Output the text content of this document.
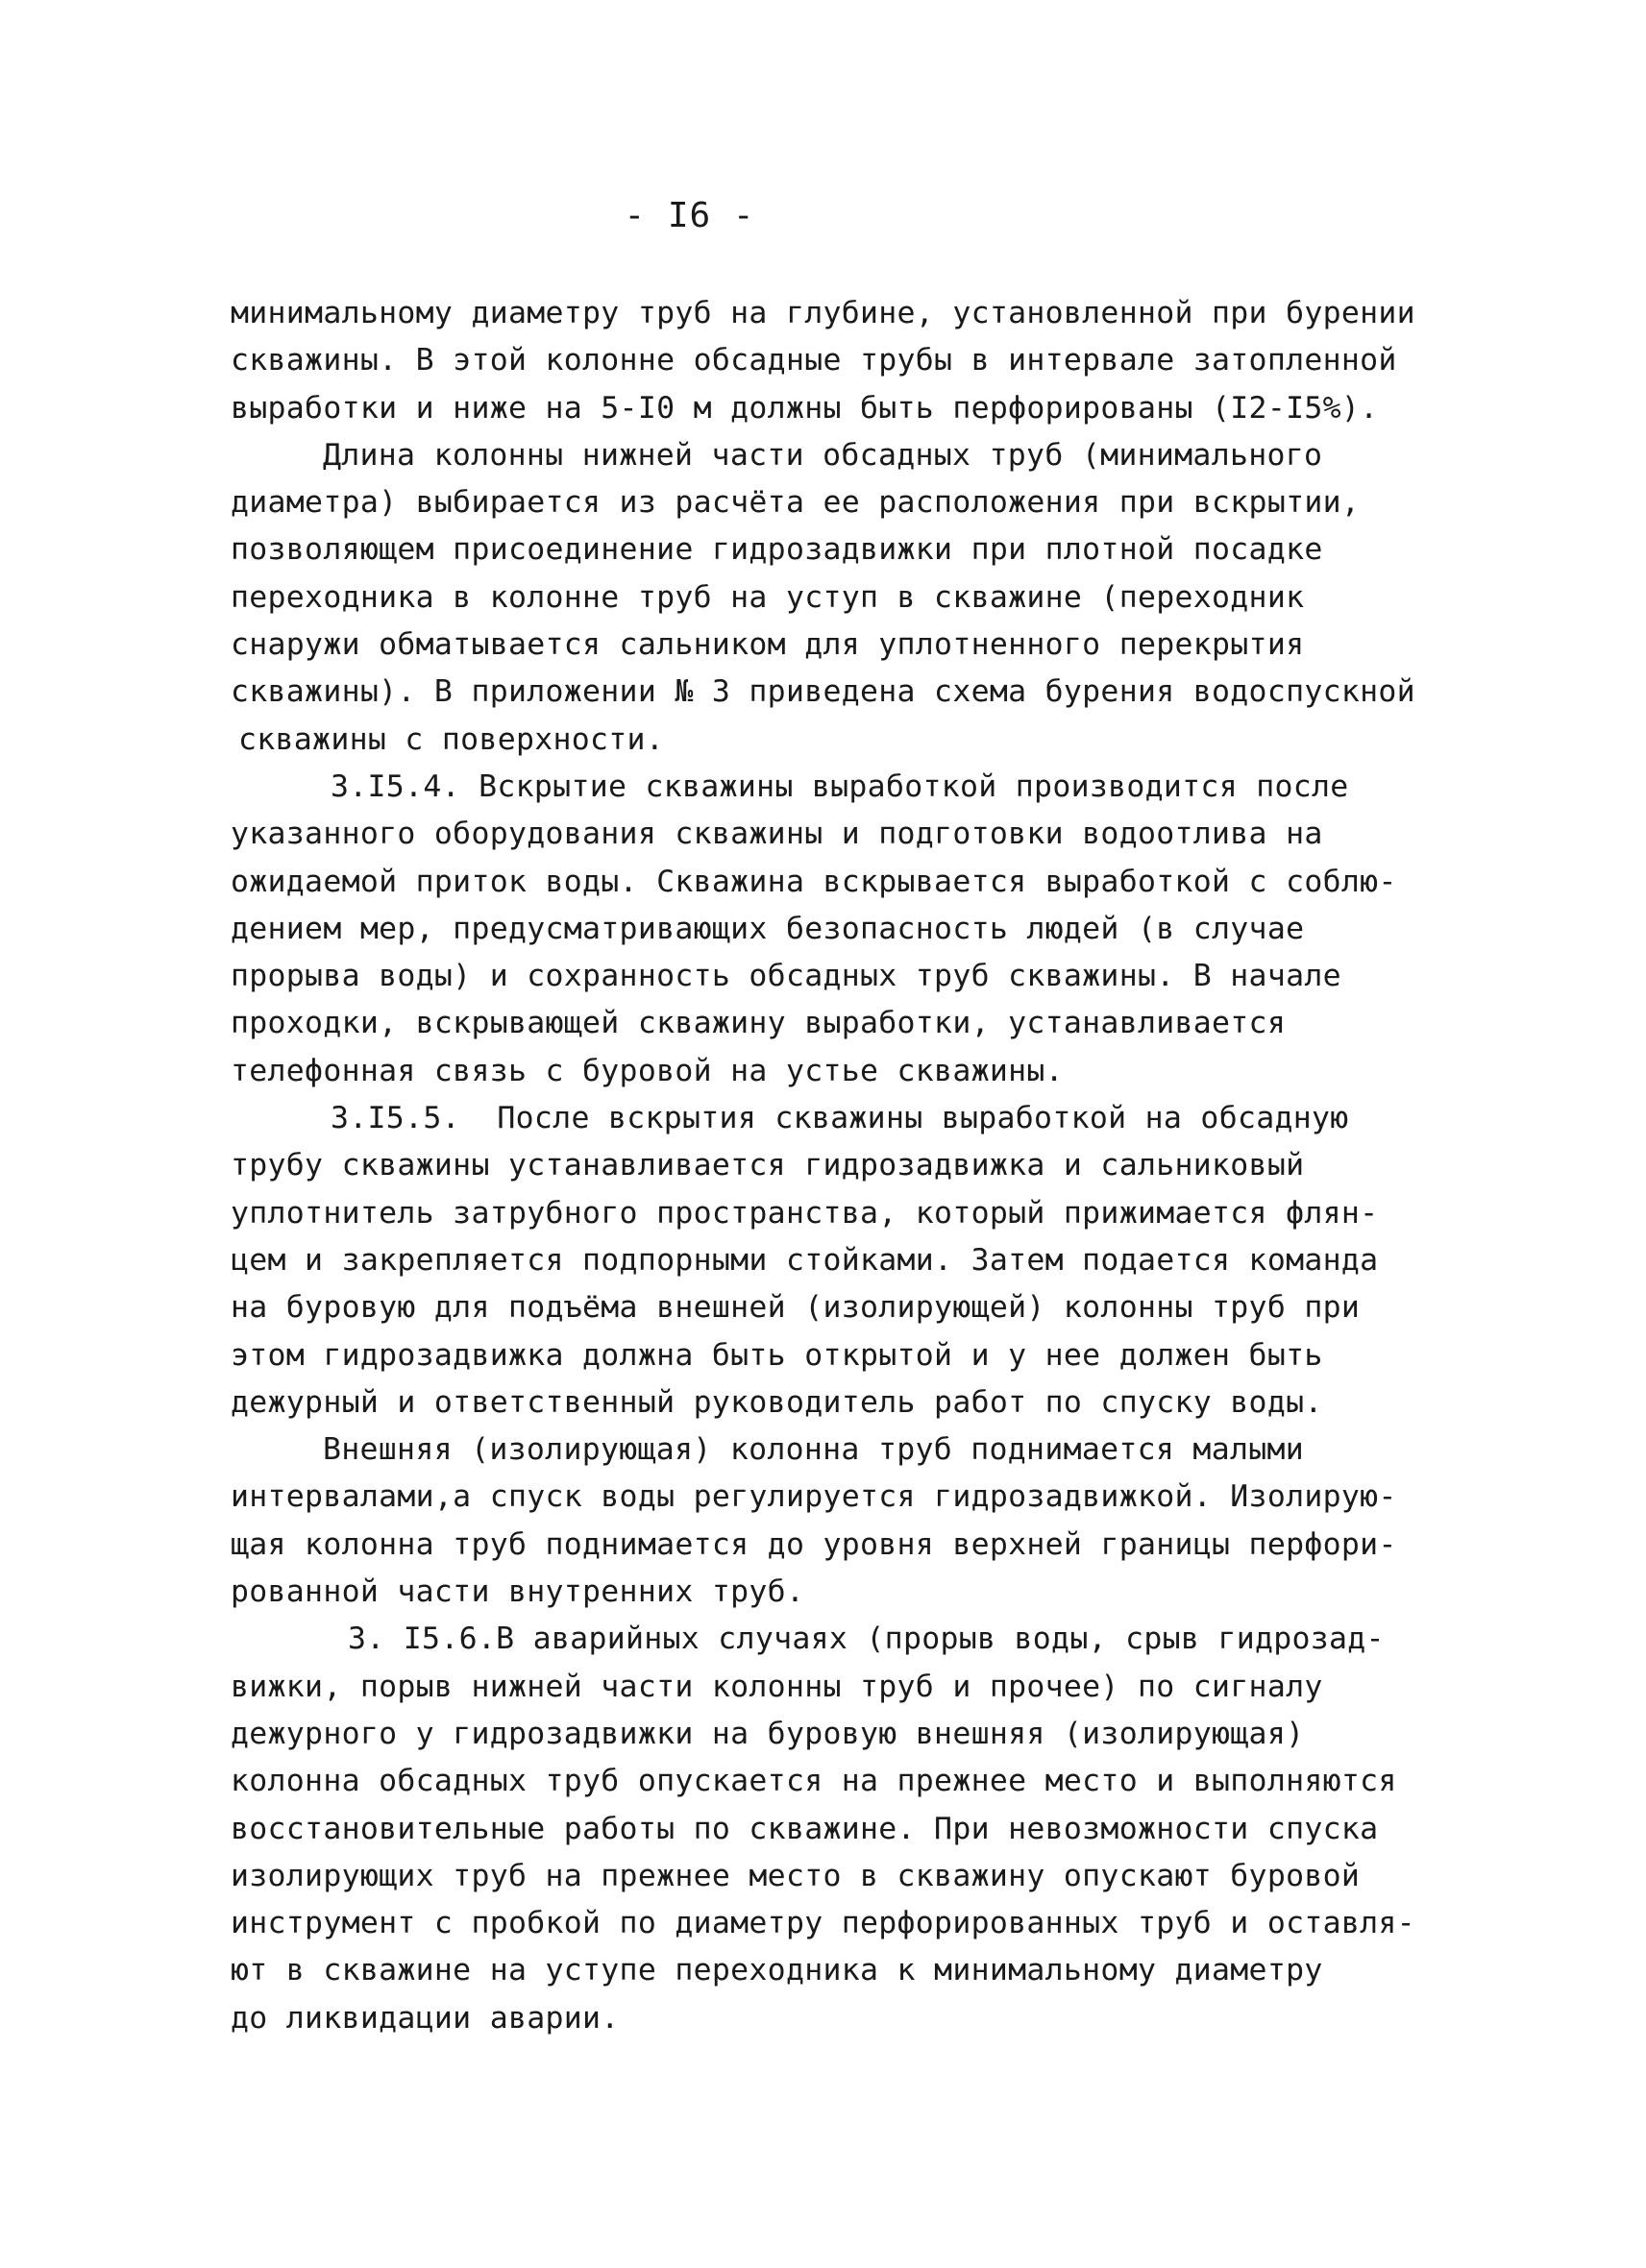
- I6 -
минимальному диаметру труб на глубине, установленной при бурении
скважины. В этой колонне обсадные трубы в интервале затопленной
выработки и ниже на 5-I0 м должны быть перфорированы (I2-I5%).
Длина колонны нижней части обсадных труб (минимального
диаметра) выбирается из расчёта ее расположения при вскрытии,
позволяющем присоединение гидрозадвижки при плотной посадке
переходника в колонне труб на уступ в скважине (переходник
снаружи обматывается сальником для уплотненного перекрытия
скважины). В приложении № 3 приведена схема бурения водоспускной
скважины с поверхности.
3.I5.4. Вскрытие скважины выработкой производится после
указанного оборудования скважины и подготовки водоотлива на
ожидаемой приток воды. Скважина вскрывается выработкой с соблю-
дением мер, предусматривающих безопасность людей (в случае
прорыва воды) и сохранность обсадных труб скважины. В начале
проходки, вскрывающей скважину выработки, устанавливается
телефонная связь с буровой на устье скважины.
3.I5.5.  После вскрытия скважины выработкой на обсадную
трубу скважины устанавливается гидрозадвижка и сальниковый
уплотнитель затрубного пространства, который прижимается флян-
цем и закрепляется подпорными стойками. Затем подается команда
на буровую для подъёма внешней (изолирующей) колонны труб при
этом гидрозадвижка должна быть открытой и у нее должен быть
дежурный и ответственный руководитель работ по спуску воды.
Внешняя (изолирующая) колонна труб поднимается малыми
интервалами,а спуск воды регулируется гидрозадвижкой. Изолирую-
щая колонна труб поднимается до уровня верхней границы перфори-
рованной части внутренних труб.
3. I5.6.В аварийных случаях (прорыв воды, срыв гидрозад-
вижки, порыв нижней части колонны труб и прочее) по сигналу
дежурного у гидрозадвижки на буровую внешняя (изолирующая)
колонна обсадных труб опускается на прежнее место и выполняются
восстановительные работы по скважине. При невозможности спуска
изолирующих труб на прежнее место в скважину опускают буровой
инструмент с пробкой по диаметру перфорированных труб и оставля-
ют в скважине на уступе переходника к минимальному диаметру
до ликвидации аварии.
